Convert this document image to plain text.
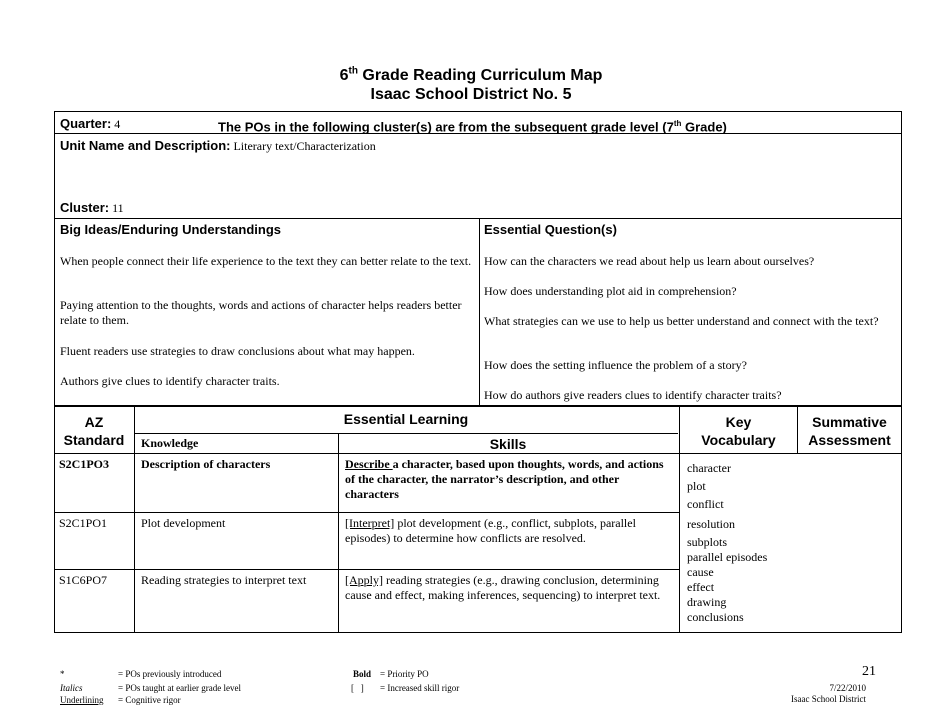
6th Grade Reading Curriculum Map
Isaac School District No. 5
Quarter: 4	The POs in the following cluster(s) are from the subsequent grade level (7th Grade)
Unit Name and Description: Literary text/Characterization
Cluster: 11
Big Ideas/Enduring Understandings
When people connect their life experience to the text they can better relate to the text.
Paying attention to the thoughts, words and actions of character helps readers better relate to them.
Fluent readers use strategies to draw conclusions about what may happen.
Authors give clues to identify character traits.
Essential Question(s)
How can the characters we read about help us learn about ourselves?
How does understanding plot aid in comprehension?
What strategies can we use to help us better understand and connect with the text?
How does the setting influence the problem of a story?
How do authors give readers clues to identify character traits?
AZ
Standard
Essential Learning
Knowledge	Skills
Key
Vocabulary
Summative
Assessment
S2C1PO3	Description of characters	Describe a character, based upon thoughts, words, and actions of the character, the narrator’s description, and other characters
S2C1PO1	Plot development	[Interpret] plot development (e.g., conflict, subplots, parallel episodes) to determine how conflicts are resolved.
S1C6PO7	Reading strategies to interpret text	[Apply] reading strategies (e.g., drawing conclusion, determining cause and effect, making inferences, sequencing) to interpret text.
character
plot
conflict
resolution
subplots
parallel episodes
cause
effect
drawing
conclusions
*	= POs previously introduced
Italics	= POs taught at earlier grade level
Underlining = Cognitive rigor
Bold = Priority PO
[   ] = Increased skill rigor
21
7/22/2010
Isaac School District
